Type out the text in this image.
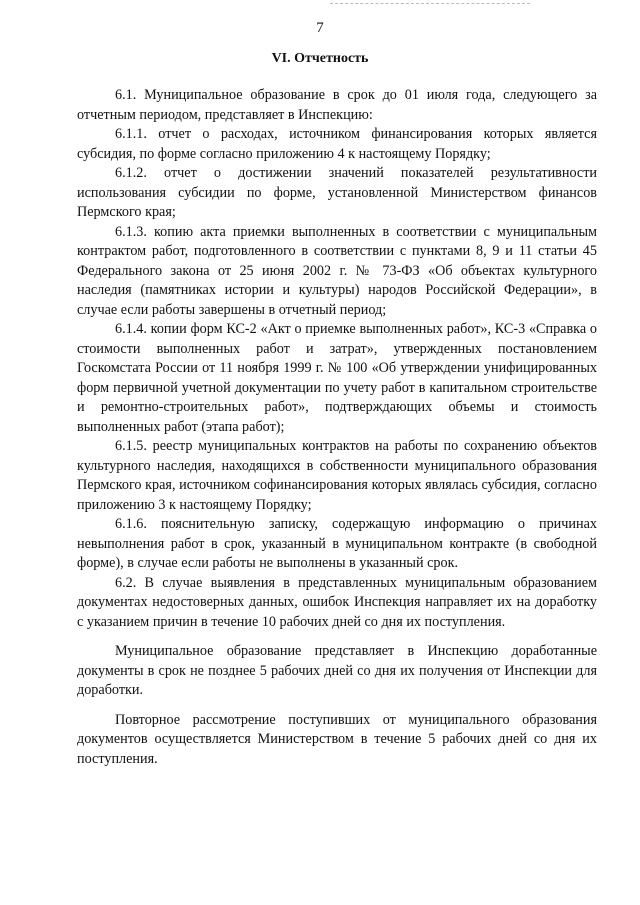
7
VI. Отчетность

6.1. Муниципальное образование в срок до 01 июля года, следующего за отчетным периодом, представляет в Инспекцию:

6.1.1. отчет о расходах, источником финансирования которых является субсидия, по форме согласно приложению 4 к настоящему Порядку;

6.1.2. отчет о достижении значений показателей результативности использования субсидии по форме, установленной Министерством финансов Пермского края;

6.1.3. копию акта приемки выполненных в соответствии с муниципальным контрактом работ, подготовленного в соответствии с пунктами 8, 9 и 11 статьи 45 Федерального закона от 25 июня 2002 г. № 73-ФЗ «Об объектах культурного наследия (памятниках истории и культуры) народов Российской Федерации», в случае если работы завершены в отчетный период;

6.1.4. копии форм КС-2 «Акт о приемке выполненных работ», КС-3 «Справка о стоимости выполненных работ и затрат», утвержденных постановлением Госкомстата России от 11 ноября 1999 г. № 100 «Об утверждении унифицированных форм первичной учетной документации по учету работ в капитальном строительстве и ремонтно-строительных работ», подтверждающих объемы и стоимость выполненных работ (этапа работ);

6.1.5. реестр муниципальных контрактов на работы по сохранению объектов культурного наследия, находящихся в собственности муниципального образования Пермского края, источником софинансирования которых являлась субсидия, согласно приложению 3 к настоящему Порядку;

6.1.6. пояснительную записку, содержащую информацию о причинах невыполнения работ в срок, указанный в муниципальном контракте (в свободной форме), в случае если работы не выполнены в указанный срок.

6.2. В случае выявления в представленных муниципальным образованием документах недостоверных данных, ошибок Инспекция направляет их на доработку с указанием причин в течение 10 рабочих дней со дня их поступления.

Муниципальное образование представляет в Инспекцию доработанные документы в срок не позднее 5 рабочих дней со дня их получения от Инспекции для доработки.

Повторное рассмотрение поступивших от муниципального образования документов осуществляется Министерством в течение 5 рабочих дней со дня их поступления.
